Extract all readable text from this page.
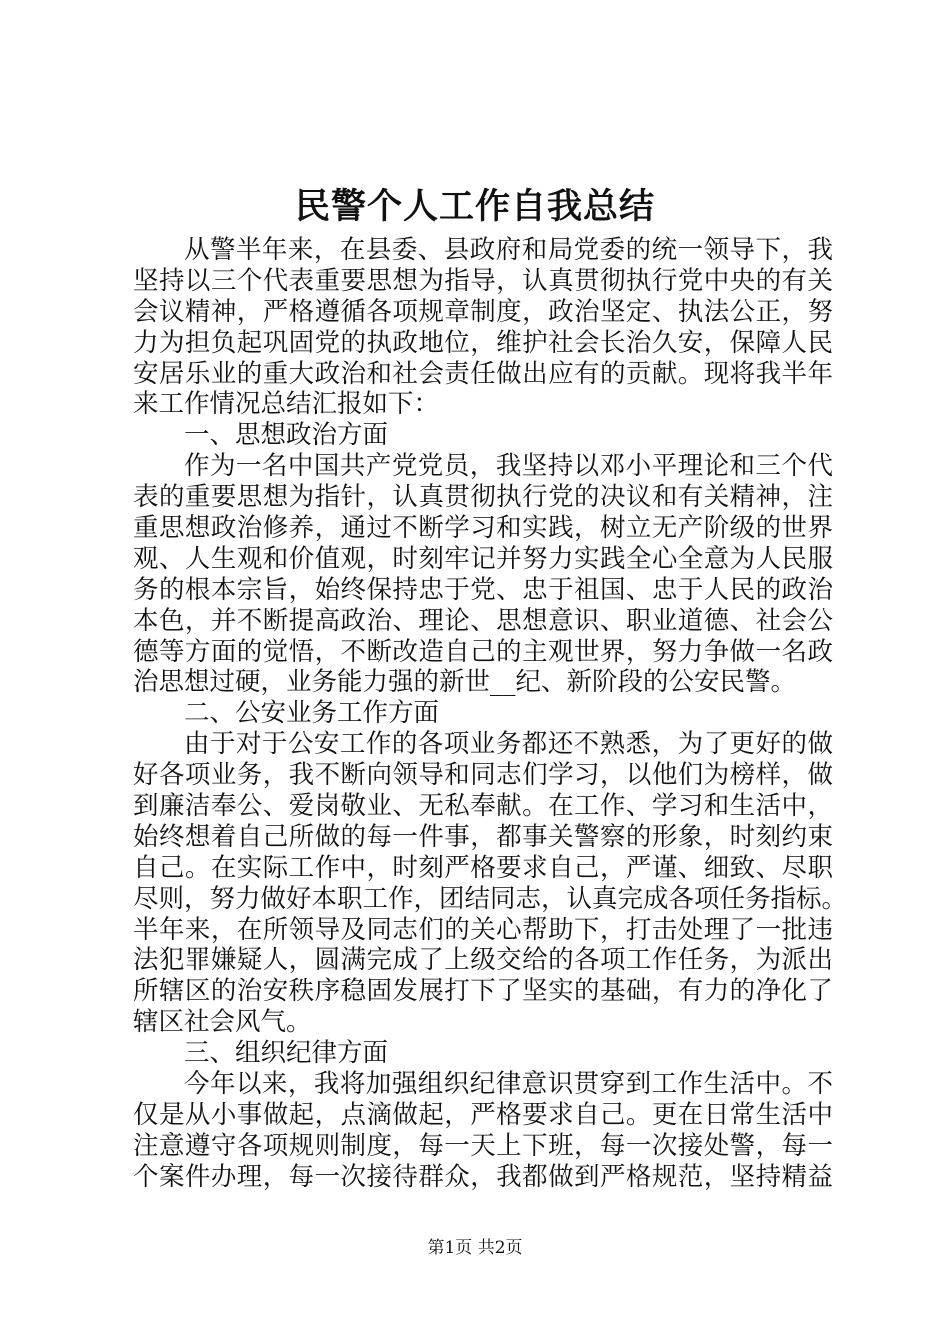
民警个人工作自我总结
从警半年来，在县委、县政府和局党委的统一领导下，我
坚持以三个代表重要思想为指导，认真贯彻执行党中央的有关
会议精神，严格遵循各项规章制度，政治坚定、执法公正，努
力为担负起巩固党的执政地位，维护社会长治久安，保障人民
安居乐业的重大政治和社会责任做出应有的贡献。现将我半年
来工作情况总结汇报如下：
一、思想政治方面
作为一名中国共产党党员，我坚持以邓小平理论和三个代
表的重要思想为指针，认真贯彻执行党的决议和有关精神，注
重思想政治修养，通过不断学习和实践，树立无产阶级的世界
观、人生观和价值观，时刻牢记并努力实践全心全意为人民服
务的根本宗旨，始终保持忠于党、忠于祖国、忠于人民的政治
本色，并不断提高政治、理论、思想意识、职业道德、社会公
德等方面的觉悟，不断改造自己的主观世界，努力争做一名政
治思想过硬，业务能力强的新世__纪、新阶段的公安民警。
二、公安业务工作方面
由于对于公安工作的各项业务都还不熟悉，为了更好的做
好各项业务，我不断向领导和同志们学习，以他们为榜样，做
到廉洁奉公、爱岗敬业、无私奉献。在工作、学习和生活中，
始终想着自己所做的每一件事，都事关警察的形象，时刻约束
自己。在实际工作中，时刻严格要求自己，严谨、细致、尽职
尽则，努力做好本职工作，团结同志，认真完成各项任务指标。
半年来，在所领导及同志们的关心帮助下，打击处理了一批违
法犯罪嫌疑人，圆满完成了上级交给的各项工作任务，为派出
所辖区的治安秩序稳固发展打下了坚实的基础，有力的净化了
辖区社会风气。
三、组织纪律方面
今年以来，我将加强组织纪律意识贯穿到工作生活中。不
仅是从小事做起，点滴做起，严格要求自己。更在日常生活中
注意遵守各项规则制度，每一天上下班，每一次接处警，每一
个案件办理，每一次接待群众，我都做到严格规范，坚持精益
第1页 共2页
